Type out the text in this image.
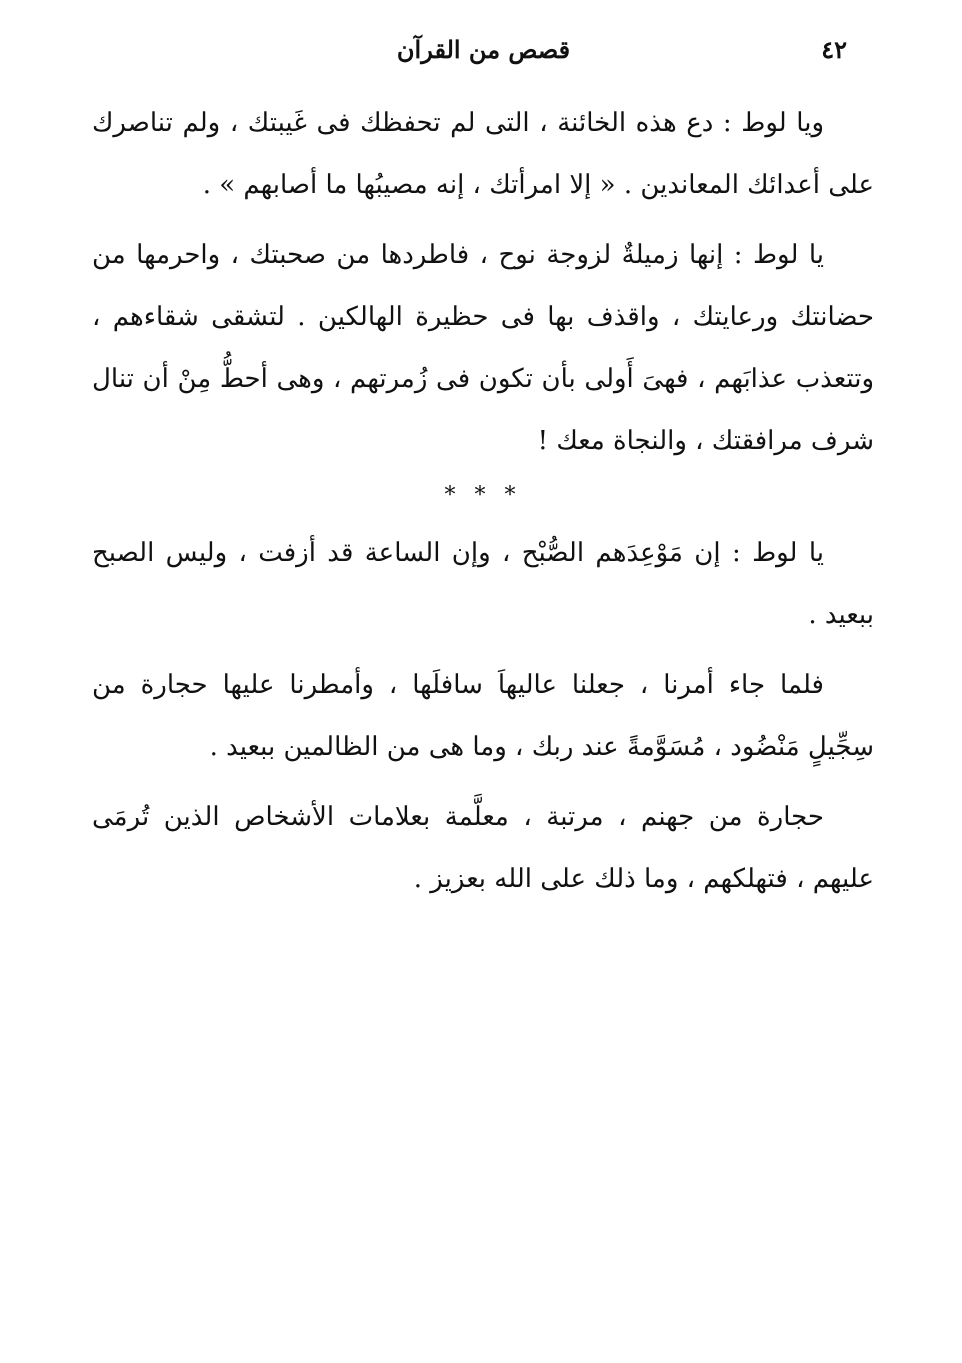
٤٢
قصص من القرآن

ويا لوط : دع هذه الخائنة ، التى لم تحفظك فى غَيبتك ، ولم تناصرك على أعدائك المعاندين . « إلا امرأتك ، إنه مصيبُها ما أصابهم » .

يا لوط : إنها زميلةٌ لزوجة نوح ، فاطردها من صحبتك ، واحرمها من حضانتك ورعايتك ، واقذف بها فى حظيرة الهالكين . لتشقى شقاءهم ، وتتعذب عذابَهم ، فهىَ أَولى بأن تكون فى زُمرتهم ، وهى أحطُّ مِنْ أن تنال شرف مرافقتك ، والنجاة معك !

* * *

يا لوط : إن مَوْعِدَهم الصُّبْح ، وإن الساعة قد أزفت ، وليس الصبح ببعيد .

فلما جاء أمرنا ، جعلنا عاليهاَ سافلَها ، وأمطرنا عليها حجارة من سِجِّيلٍ مَنْضُود ، مُسَوَّمةً عند ربك ، وما هى من الظالمين ببعيد .

حجارة من جهنم ، مرتبة ، معلَّمة بعلامات الأشخاص الذين تُرمَى عليهم ، فتهلكهم ، وما ذلك على الله بعزيز .
